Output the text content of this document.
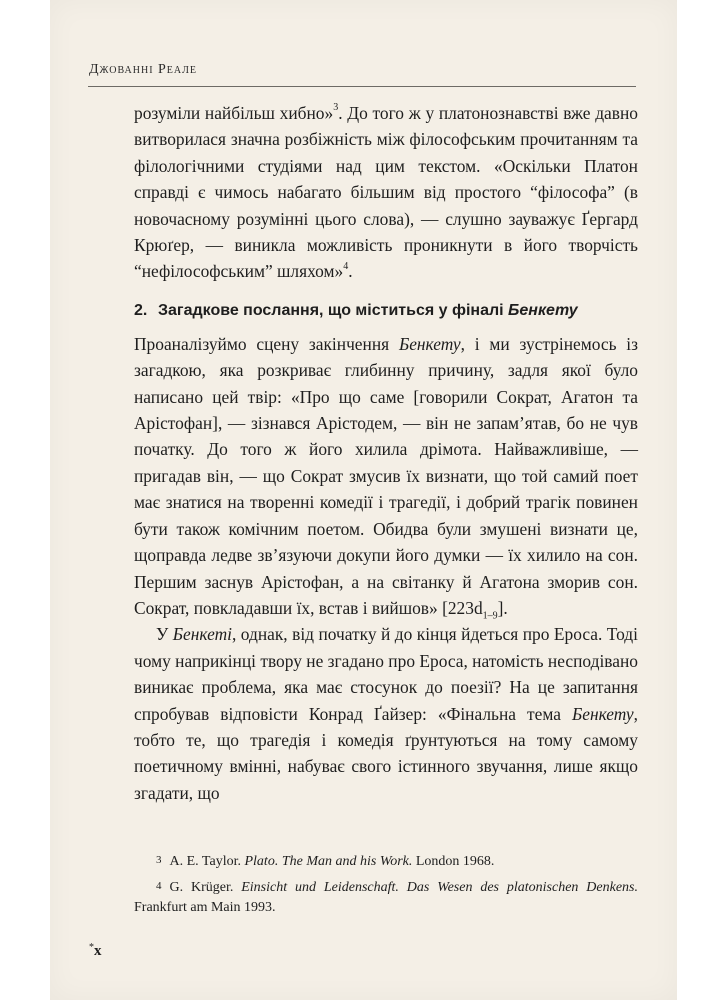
Джованні Реале

розуміли найбільш хибно»$^3$. До того ж у платонознавстві вже давно витворилася значна розбіжність між філософським прочитанням та філологічними студіями над цим текстом. «Оскільки Платон справді є чимось набагато більшим від простого “філософа” (в новочасному розумінні цього слова), — слушно зауважує Ґергард Крюґер, — виникла можливість проникнути в його творчість “нефілософським” шляхом»$^4$.

2. Загадкове послання, що міститься у фіналі Бенкету

Проаналізуймо сцену закінчення Бенкету, і ми зустрінемось із загадкою, яка розкриває глибинну причину, задля якої було написано цей твір: «Про що саме [говорили Сократ, Агатон та Арістофан], — зізнався Арістодем, — він не запам’ятав, бо не чув початку. До того ж його хилила дрімота. Найважливіше, — пригадав він, — що Сократ змусив їх визнати, що той самий поет має знатися на творенні комедії і трагедії, і добрий трагік повинен бути також комічним поетом. Обидва були змушені визнати це, щоправда ледве зв’язуючи докупи його думки — їх хилило на сон. Першим заснув Арістофан, а на світанку й Агатона зморив сон. Сократ, повкладавши їх, встав і вийшов» $[223d_{1-9}]$.

У Бенкеті, однак, від початку й до кінця йдеться про Ероса. Тоді чому наприкінці твору не згадано про Ероса, натомість несподівано виникає проблема, яка має стосунок до поезії? На це запитання спробував відповісти Конрад Ґайзер: «Фінальна тема Бенкету, тобто те, що трагедія і комедія ґрунтуються на тому самому поетичному вмінні, набуває свого істинного звучання, лише якщо згадати, що

3 A. E. Taylor. Plato. The Man and his Work. London 1968.

4 G. Krüger. Einsicht und Leidenschaft. Das Wesen des platonischen Denkens. Frankfurt am Main 1993.

*x
